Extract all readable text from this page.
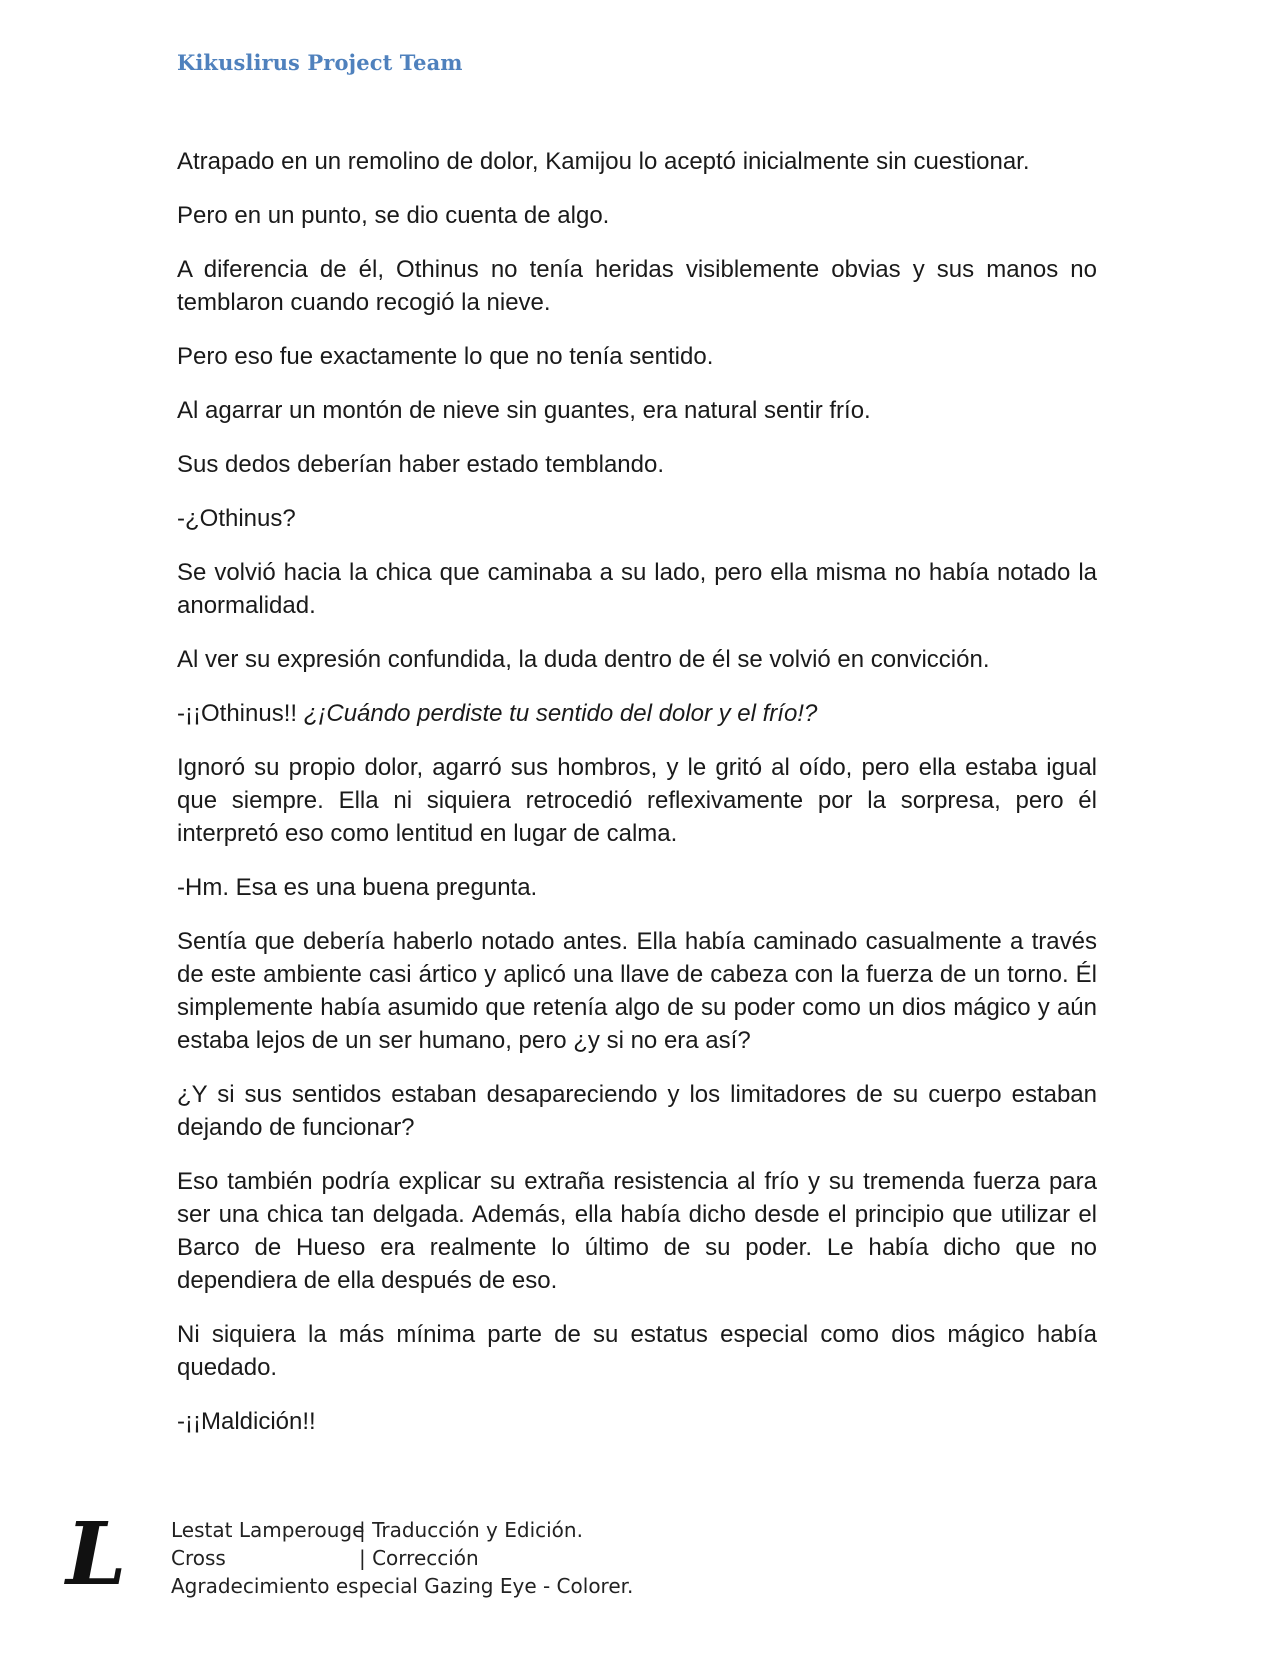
Kikuslirus Project Team

Atrapado en un remolino de dolor, Kamijou lo aceptó inicialmente sin cuestionar.

Pero en un punto, se dio cuenta de algo.

A diferencia de él, Othinus no tenía heridas visiblemente obvias y sus manos no temblaron cuando recogió la nieve.

Pero eso fue exactamente lo que no tenía sentido.

Al agarrar un montón de nieve sin guantes, era natural sentir frío.

Sus dedos deberían haber estado temblando.

-¿Othinus?

Se volvió hacia la chica que caminaba a su lado, pero ella misma no había notado la anormalidad.

Al ver su expresión confundida, la duda dentro de él se volvió en convicción.

-¡¡Othinus!! ¿¡Cuándo perdiste tu sentido del dolor y el frío!?

Ignoró su propio dolor, agarró sus hombros, y le gritó al oído, pero ella estaba igual que siempre. Ella ni siquiera retrocedió reflexivamente por la sorpresa, pero él interpretó eso como lentitud en lugar de calma.

-Hm. Esa es una buena pregunta.

Sentía que debería haberlo notado antes. Ella había caminado casualmente a través de este ambiente casi ártico y aplicó una llave de cabeza con la fuerza de un torno. Él simplemente había asumido que retenía algo de su poder como un dios mágico y aún estaba lejos de un ser humano, pero ¿y si no era así?

¿Y si sus sentidos estaban desapareciendo y los limitadores de su cuerpo estaban dejando de funcionar?

Eso también podría explicar su extraña resistencia al frío y su tremenda fuerza para ser una chica tan delgada. Además, ella había dicho desde el principio que utilizar el Barco de Hueso era realmente lo último de su poder. Le había dicho que no dependiera de ella después de eso.

Ni siquiera la más mínima parte de su estatus especial como dios mágico había quedado.

-¡¡Maldición!!

L Lestat Lamperouge
| Traducción y Edición.
Cross	| Corrección
Agradecimiento especial Gazing Eye - Colorer.
